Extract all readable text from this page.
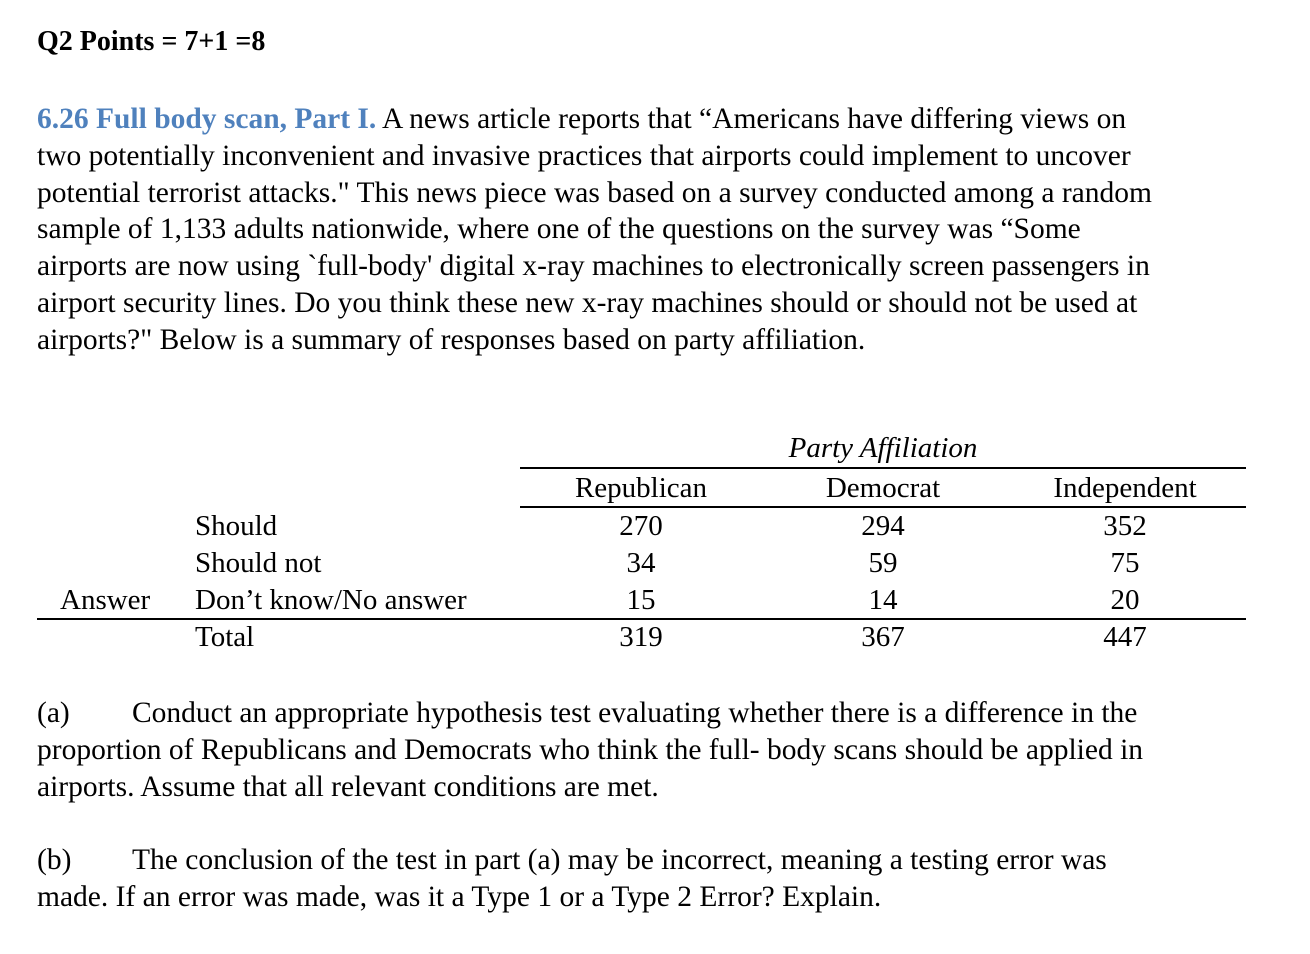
Q2 Points = 7+1 =8
6.26 Full body scan, Part I. A news article reports that “Americans have differing views on
two potentially inconvenient and invasive practices that airports could implement to uncover
potential terrorist attacks." This news piece was based on a survey conducted among a random
sample of 1,133 adults nationwide, where one of the questions on the survey was “Some
airports are now using `full-body' digital x-ray machines to electronically screen passengers in
airport security lines. Do you think these new x-ray machines should or should not be used at
airports?" Below is a summary of responses based on party affiliation.
Party Affiliation
Republican	Democrat	Independent
Should	270	294	352
Should not	34	59	75
Answer Don’t know/No answer	15	14	20
Total	319	367	447
(a) Conduct an appropriate hypothesis test evaluating whether there is a difference in the
proportion of Republicans and Democrats who think the full- body scans should be applied in
airports. Assume that all relevant conditions are met.
(b) The conclusion of the test in part (a) may be incorrect, meaning a testing error was
made. If an error was made, was it a Type 1 or a Type 2 Error? Explain.
